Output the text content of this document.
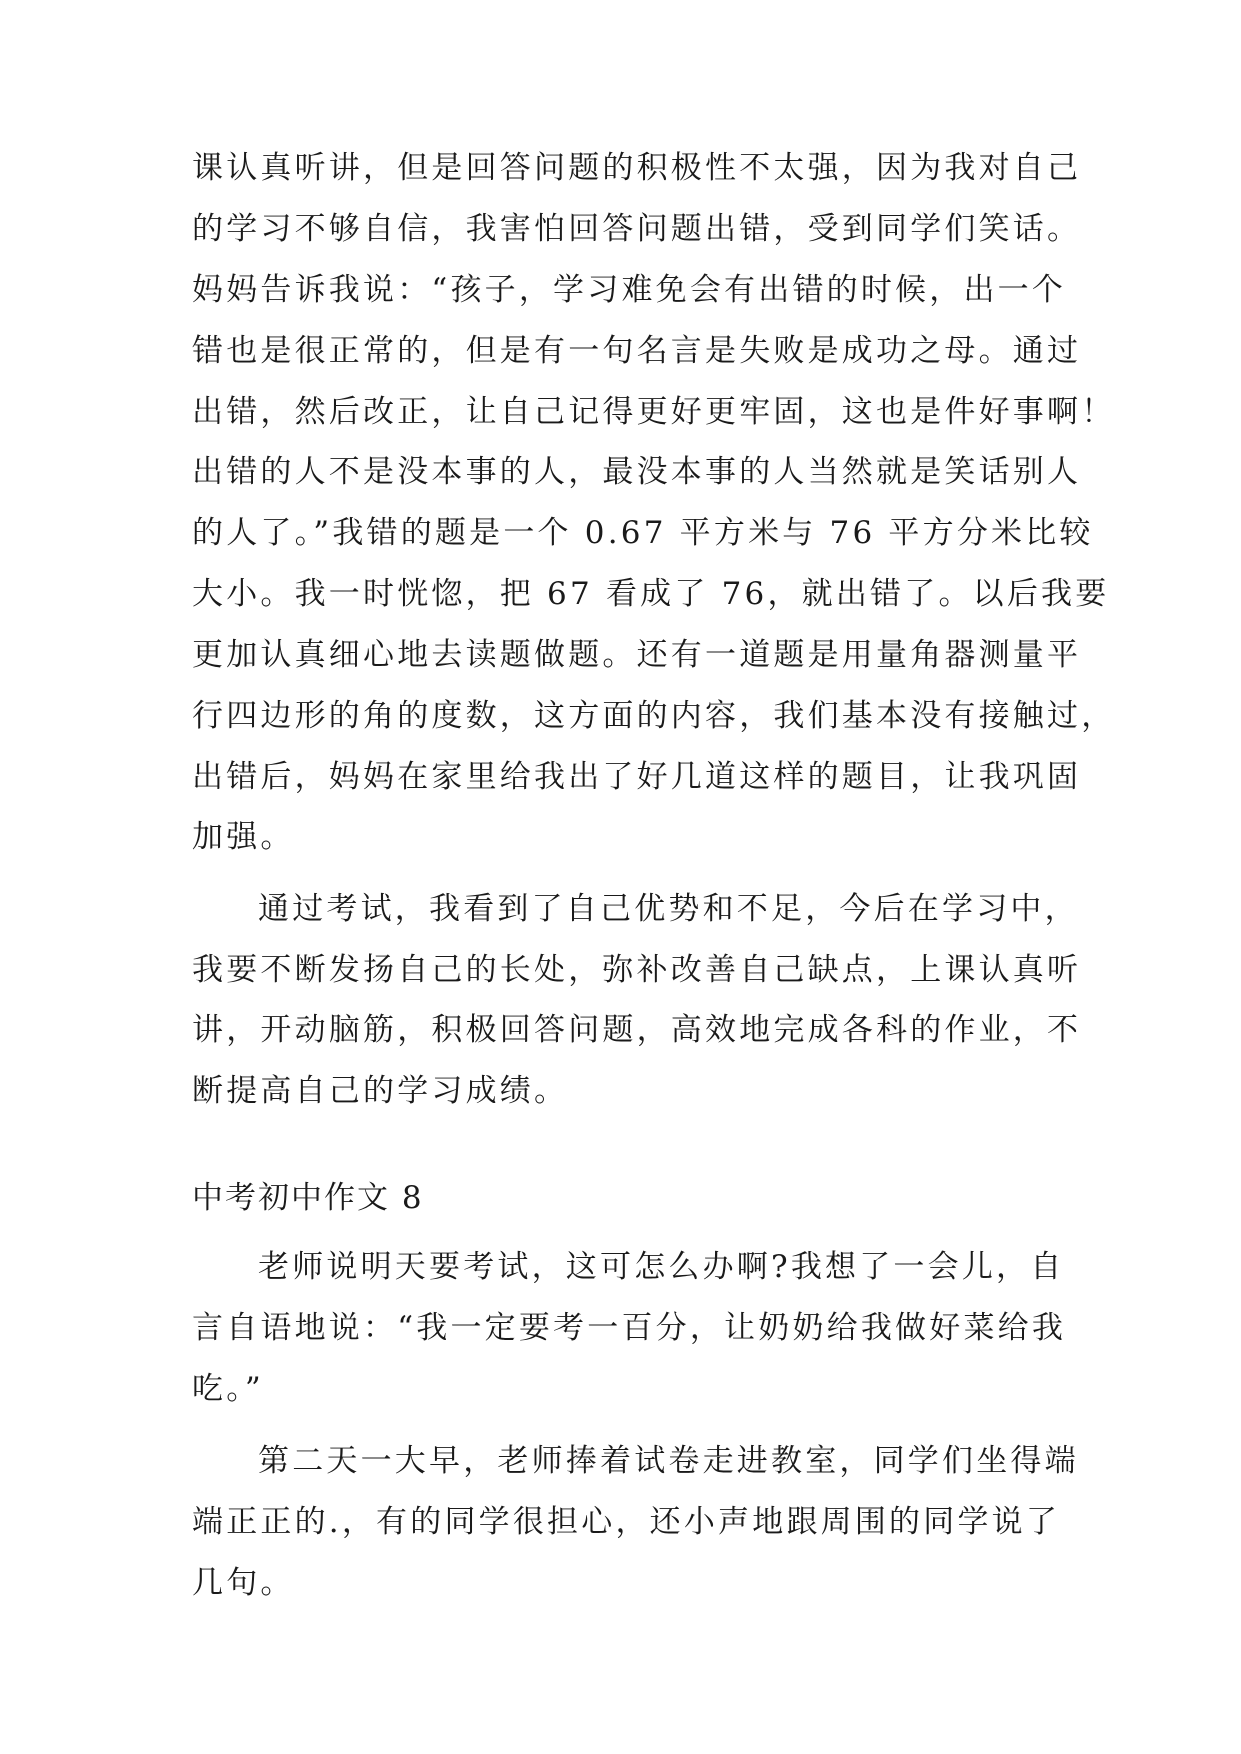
课认真听讲，但是回答问题的积极性不太强，因为我对自己
的学习不够自信，我害怕回答问题出错，受到同学们笑话。
妈妈告诉我说：“孩子，学习难免会有出错的时候，出一个
错也是很正常的，但是有一句名言是失败是成功之母。通过
出错，然后改正，让自己记得更好更牢固，这也是件好事啊！
出错的人不是没本事的人，最没本事的人当然就是笑话别人
的人了。”我错的题是一个 0.67 平方米与 76 平方分米比较
大小。我一时恍惚，把 67 看成了 76，就出错了。以后我要
更加认真细心地去读题做题。还有一道题是用量角器测量平
行四边形的角的度数，这方面的内容，我们基本没有接触过，
出错后，妈妈在家里给我出了好几道这样的题目，让我巩固
加强。
通过考试，我看到了自己优势和不足，今后在学习中，
我要不断发扬自己的长处，弥补改善自己缺点，上课认真听
讲，开动脑筋，积极回答问题，高效地完成各科的作业，不
断提高自己的学习成绩。
中考初中作文 8
老师说明天要考试，这可怎么办啊?我想了一会儿，自
言自语地说：“我一定要考一百分，让奶奶给我做好菜给我
吃。”
第二天一大早，老师捧着试卷走进教室，同学们坐得端
端正正的.，有的同学很担心，还小声地跟周围的同学说了
几句。
